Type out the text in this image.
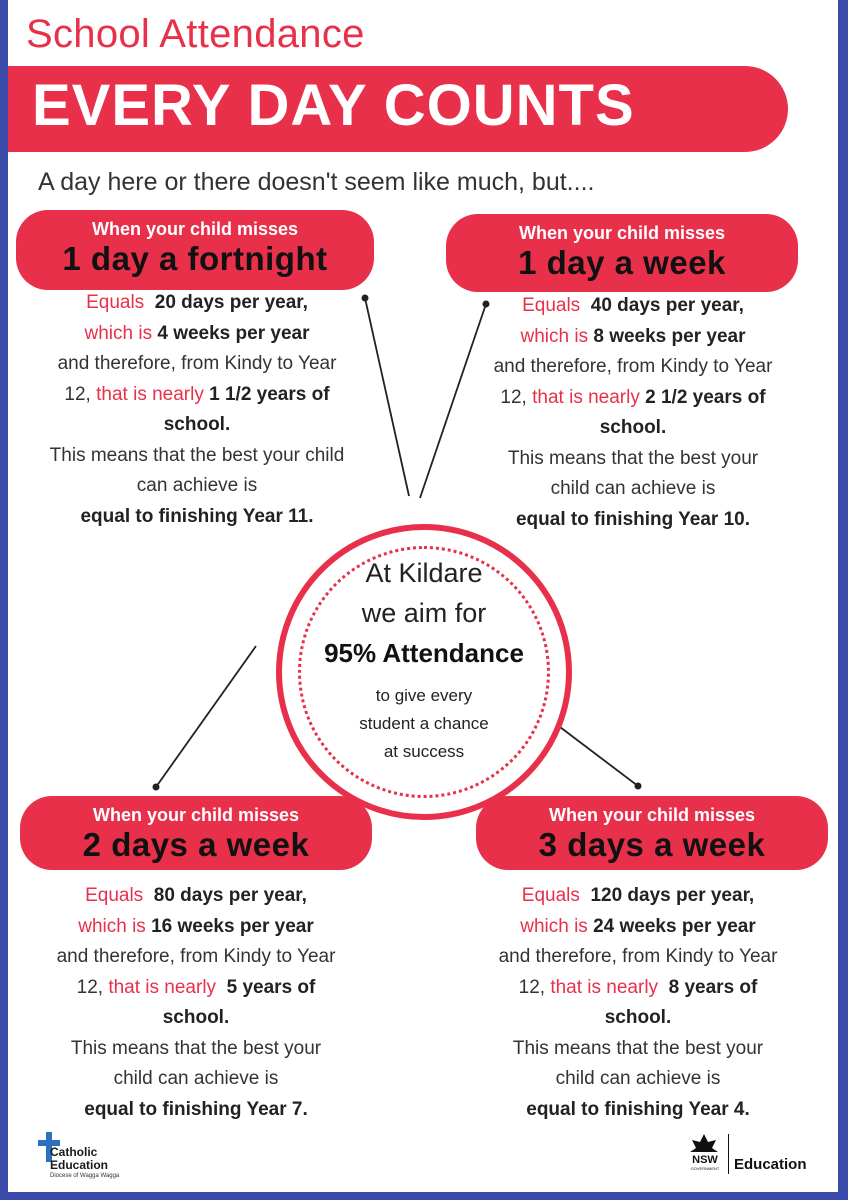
School Attendance
EVERY DAY COUNTS
A day here or there doesn't seem like much, but....
When your child misses
1 day a fortnight
Equals 20 days per year,
which is 4 weeks per year
and therefore, from Kindy to Year
12, that is nearly 1 1/2 years of
school.
This means that the best your child
can achieve is
equal to finishing Year 11.
When your child misses
1 day a week
Equals 40 days per year,
which is 8 weeks per year
and therefore, from Kindy to Year
12, that is nearly 2 1/2 years of
school.
This means that the best your
child can achieve is
equal to finishing Year 10.
At Kildare
we aim for
95% Attendance
to give every
student a chance
at success
When your child misses
2 days a week
Equals 80 days per year,
which is 16 weeks per year
and therefore, from Kindy to Year
12, that is nearly 5 years of
school.
This means that the best your
child can achieve is
equal to finishing Year 7.
When your child misses
3 days a week
Equals 120 days per year,
which is 24 weeks per year
and therefore, from Kindy to Year
12, that is nearly 8 years of
school.
This means that the best your
child can achieve is
equal to finishing Year 4.
Catholic
Education
Diocese of Wagga Wagga
NSW
GOVERNMENT Education
